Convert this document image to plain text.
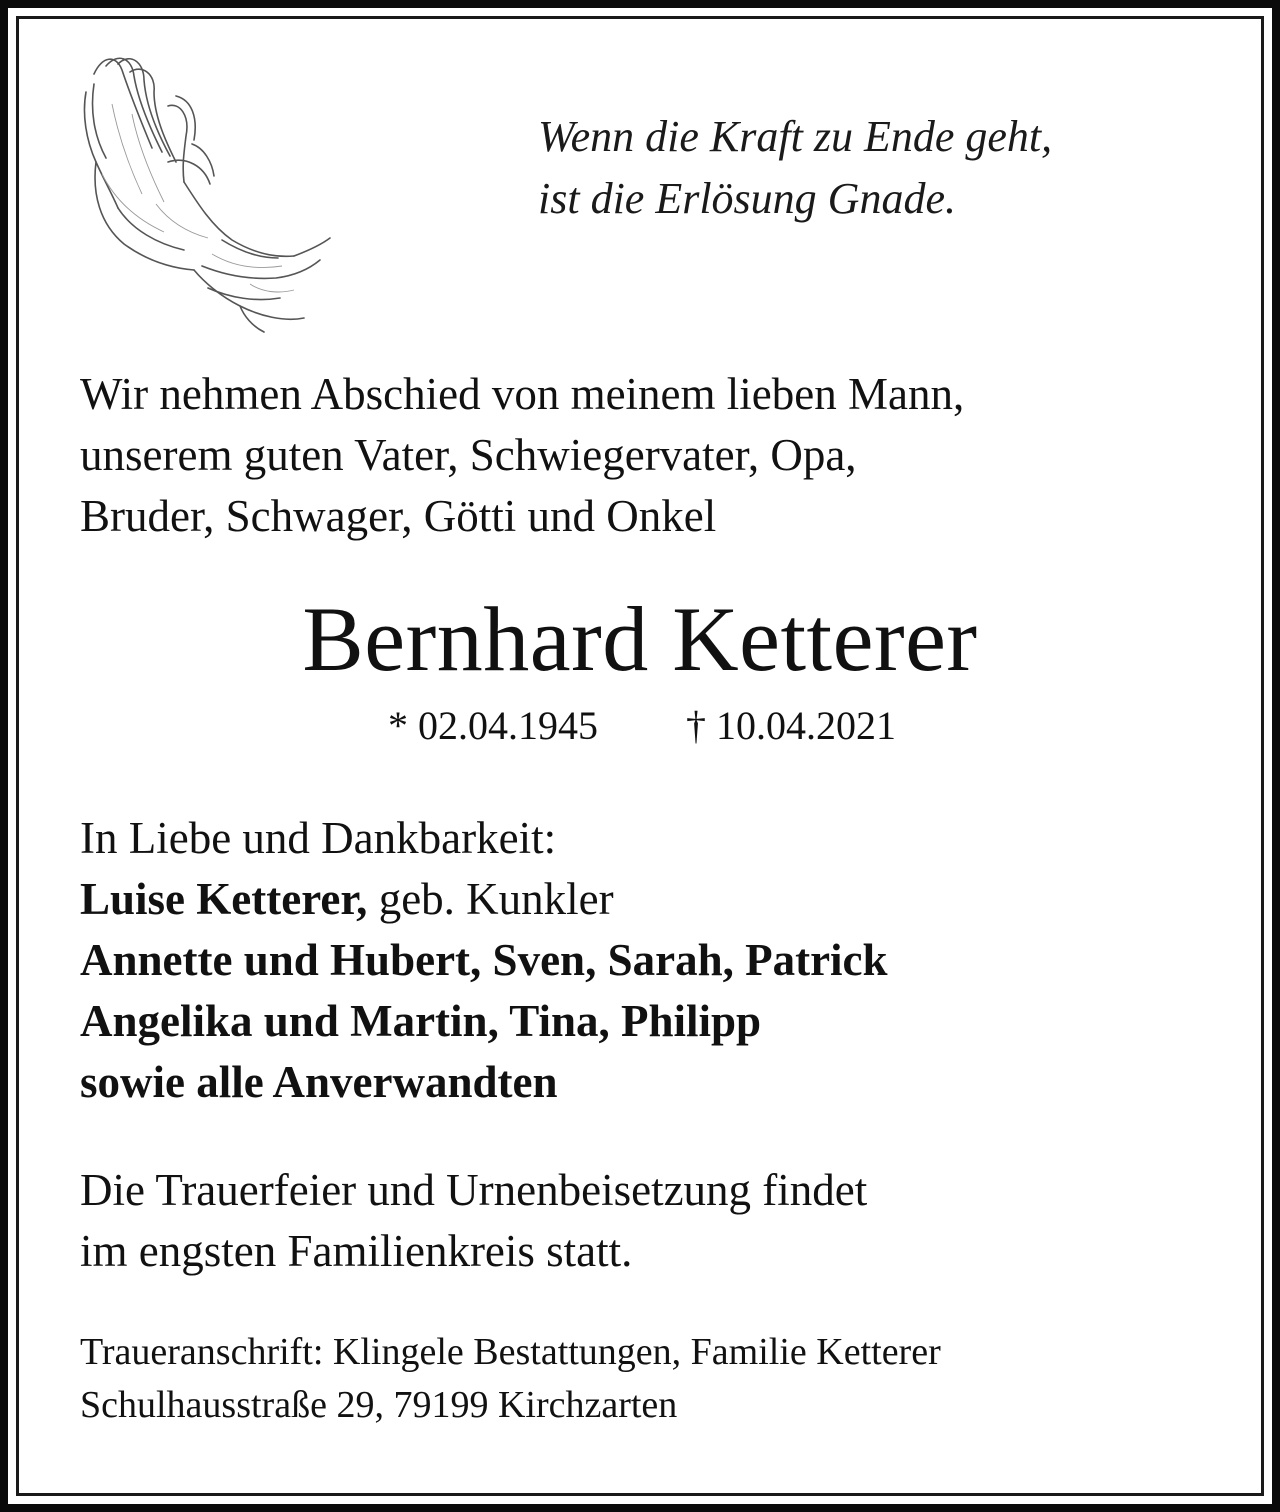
Wenn die Kraft zu Ende geht,
ist die Erlösung Gnade.
Wir nehmen Abschied von meinem lieben Mann,
unserem guten Vater, Schwiegervater, Opa,
Bruder, Schwager, Götti und Onkel
Bernhard Ketterer
* 02.04.1945 † 10.04.2021
In Liebe und Dankbarkeit:
Luise Ketterer, geb. Kunkler
Annette und Hubert, Sven, Sarah, Patrick
Angelika und Martin, Tina, Philipp
sowie alle Anverwandten
Die Trauerfeier und Urnenbeisetzung findet
im engsten Familienkreis statt.
Traueranschrift: Klingele Bestattungen, Familie Ketterer
Schulhausstraße 29, 79199 Kirchzarten
